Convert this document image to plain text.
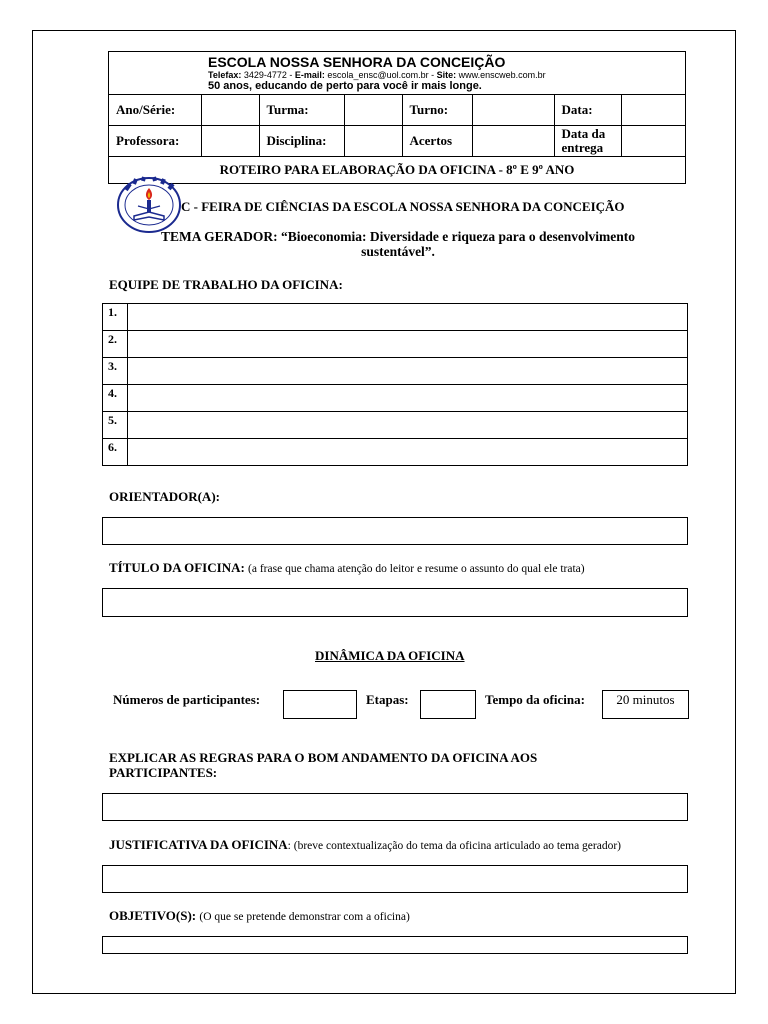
ESCOLA NOSSA SENHORA DA CONCEIÇÃO
Telefax: 3429-4772 - E-mail: escola_ensc@uol.com.br - Site: www.enscweb.com.br
50 anos, educando de perto para você ir mais longe.
Ano/Série:		Turma:		Turno:		Data:	
Professora:		Disciplina:		Acertos		Data da entrega	
ROTEIRO PARA ELABORAÇÃO DA OFICINA - 8º E 9º ANO
C - FEIRA DE CIÊNCIAS DA ESCOLA NOSSA SENHORA DA CONCEIÇÃO
TEMA GERADOR: “Bioeconomia: Diversidade e riqueza para o desenvolvimento
sustentável”.
EQUIPE DE TRABALHO DA OFICINA:
1.	
2.	
3.	
4.	
5.	
6.	
ORIENTADOR(A):
TÍTULO DA OFICINA: (a frase que chama atenção do leitor e resume o assunto do qual ele trata)
DINÂMICA DA OFICINA
Números de participantes:	Etapas:	Tempo da oficina:	20 minutos
EXPLICAR AS REGRAS PARA O BOM ANDAMENTO DA OFICINA AOS
PARTICIPANTES:
JUSTIFICATIVA DA OFICINA: (breve contextualização do tema da oficina articulado ao tema gerador)
OBJETIVO(S): (O que se pretende demonstrar com a oficina)
